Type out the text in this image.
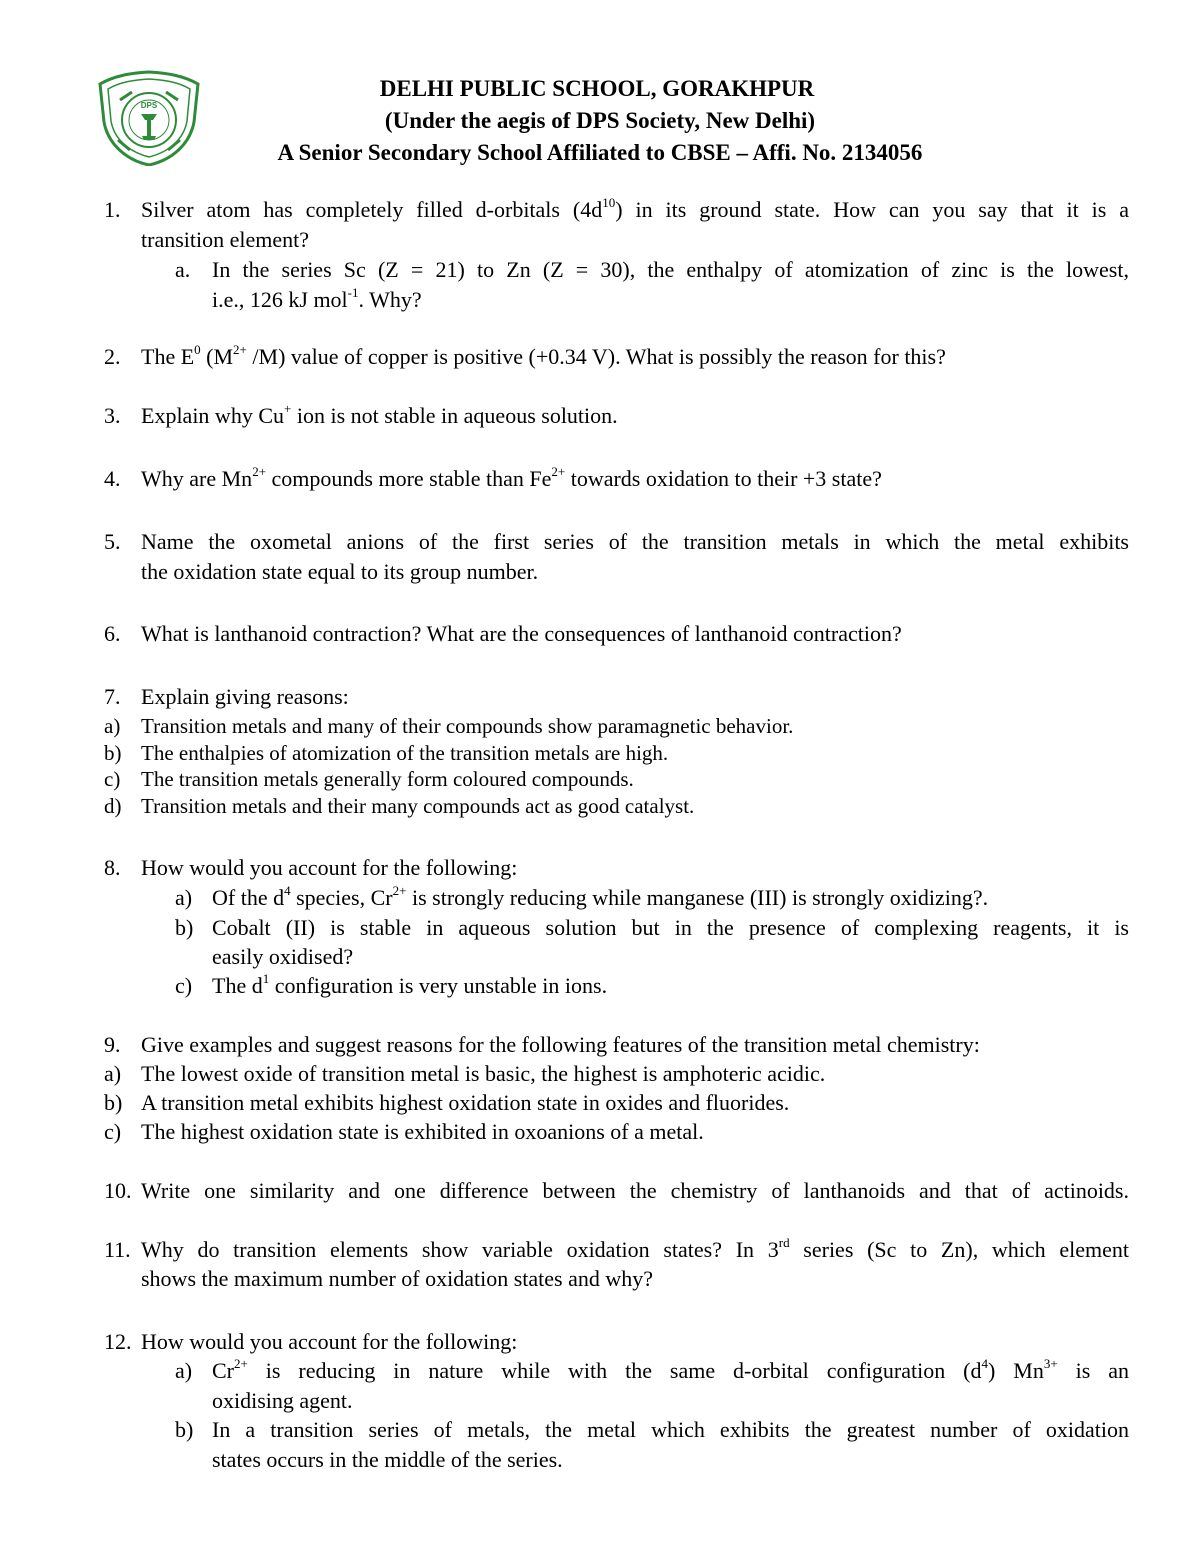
DPS
DELHI PUBLIC SCHOOL, GORAKHPUR
(Under the aegis of DPS Society, New Delhi)
A Senior Secondary School Affiliated to CBSE – Affi. No. 2134056
1. Silver atom has completely filled d-orbitals $(4d^{10})$ in its ground state. How can you say that it is a
transition element?
a. In the series Sc (Z = 21) to Zn (Z = 30), the enthalpy of atomization of zinc is the lowest,
i.e., 126 kJ mol$^{-1}$. Why?
2. The $E^0$ ($M^{2+}$ /M) value of copper is positive (+0.34 V). What is possibly the reason for this?
3. Explain why Cu+ ion is not stable in aqueous solution.
4. Why are $Mn^{2+}$ compounds more stable than $Fe^{2+}$ towards oxidation to their +3 state?
5. Name the oxometal anions of the first series of the transition metals in which the metal exhibits
the oxidation state equal to its group number.
6. What is lanthanoid contraction? What are the consequences of lanthanoid contraction?
7. Explain giving reasons:
a) Transition metals and many of their compounds show paramagnetic behavior.
b) The enthalpies of atomization of the transition metals are high.
c) The transition metals generally form coloured compounds.
d) Transition metals and their many compounds act as good catalyst.
8. How would you account for the following:
a) Of the $d^4$ species, $Cr^{2+}$ is strongly reducing while manganese (III) is strongly oxidizing?.
b) Cobalt (II) is stable in aqueous solution but in the presence of complexing reagents, it is
easily oxidised?
c) The $d^1$ configuration is very unstable in ions.
9. Give examples and suggest reasons for the following features of the transition metal chemistry:
a) The lowest oxide of transition metal is basic, the highest is amphoteric acidic.
b) A transition metal exhibits highest oxidation state in oxides and fluorides.
c) The highest oxidation state is exhibited in oxoanions of a metal.
10. Write one similarity and one difference between the chemistry of lanthanoids and that of actinoids.
11. Why do transition elements show variable oxidation states? In 3rd series (Sc to Zn), which element
shows the maximum number of oxidation states and why?
12. How would you account for the following:
a) $Cr^{2+}$ is reducing in nature while with the same d-orbital configuration $(d^4)$ $Mn^{3+}$ is an
oxidising agent.
b) In a transition series of metals, the metal which exhibits the greatest number of oxidation
states occurs in the middle of the series.
